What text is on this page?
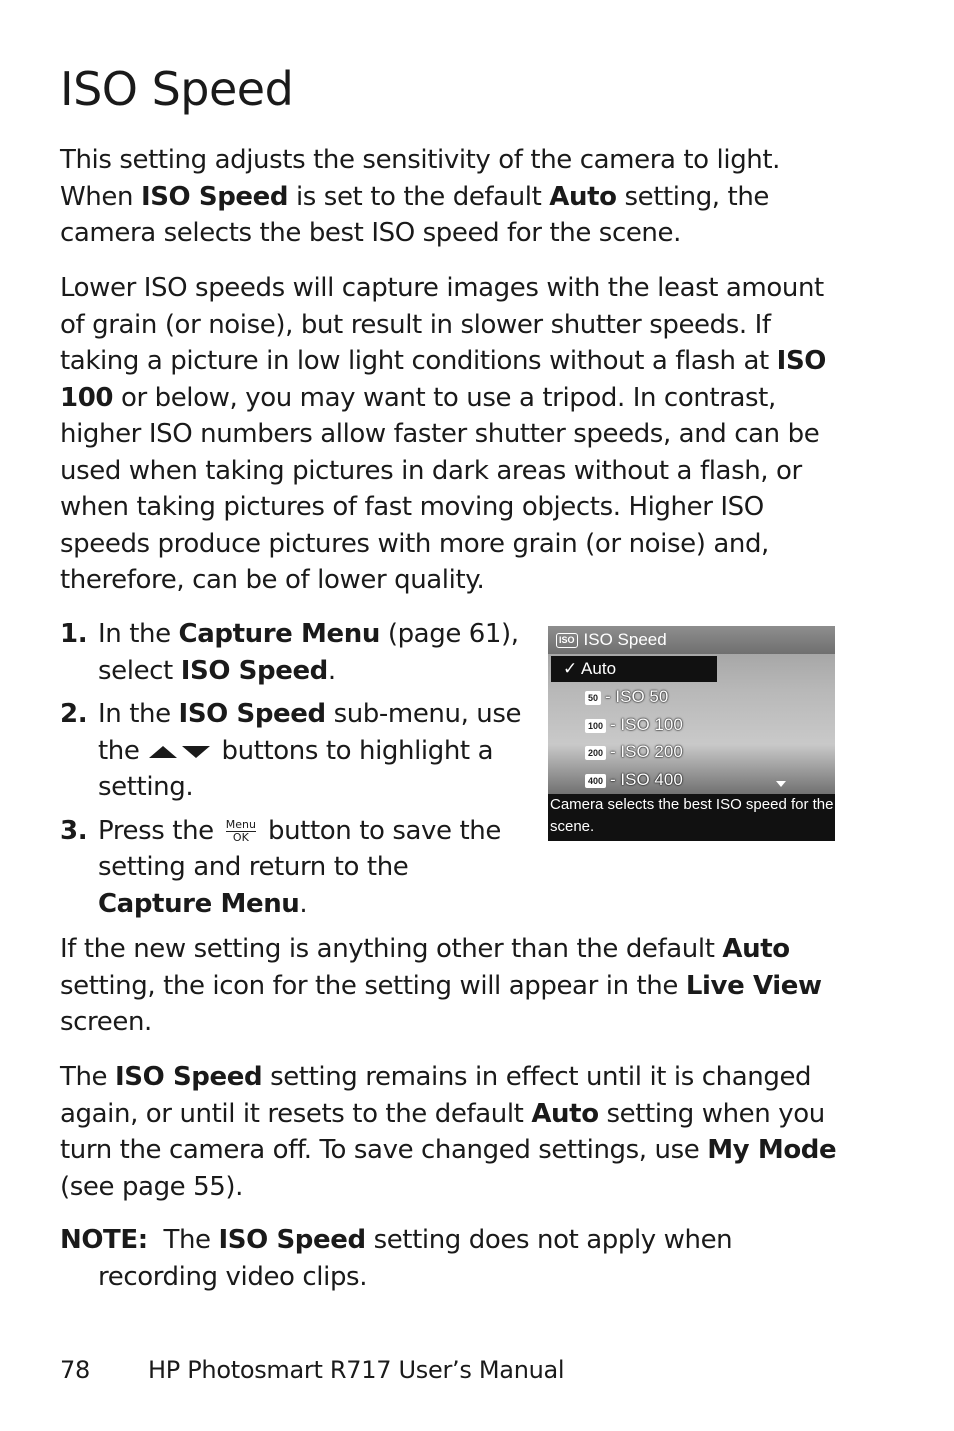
ISO Speed

This setting adjusts the sensitivity of the camera to light. When ISO Speed is set to the default Auto setting, the camera selects the best ISO speed for the scene.

Lower ISO speeds will capture images with the least amount of grain (or noise), but result in slower shutter speeds. If taking a picture in low light conditions without a flash at ISO 100 or below, you may want to use a tripod. In contrast, higher ISO numbers allow faster shutter speeds, and can be used when taking pictures in dark areas without a flash, or when taking pictures of fast moving objects. Higher ISO speeds produce pictures with more grain (or noise) and, therefore, can be of lower quality.

1. In the Capture Menu (page 61), select ISO Speed.
2. In the ISO Speed sub-menu, use the	buttons to highlight a setting.
3. Press the Menu
OK button to save the setting and return to the Capture Menu.
ISO ISO Speed
✓ Auto
50 - ISO 50
100 - ISO 100
200 - ISO 200
400 - ISO 400
Camera selects the best ISO speed for the scene.

If the new setting is anything other than the default Auto setting, the icon for the setting will appear in the Live View screen.

The ISO Speed setting remains in effect until it is changed again, or until it resets to the default Auto setting when you turn the camera off. To save changed settings, use My Mode (see page 55).

NOTE:  The ISO Speed setting does not apply when
recording video clips.
78 HP Photosmart R717 User’s Manual
